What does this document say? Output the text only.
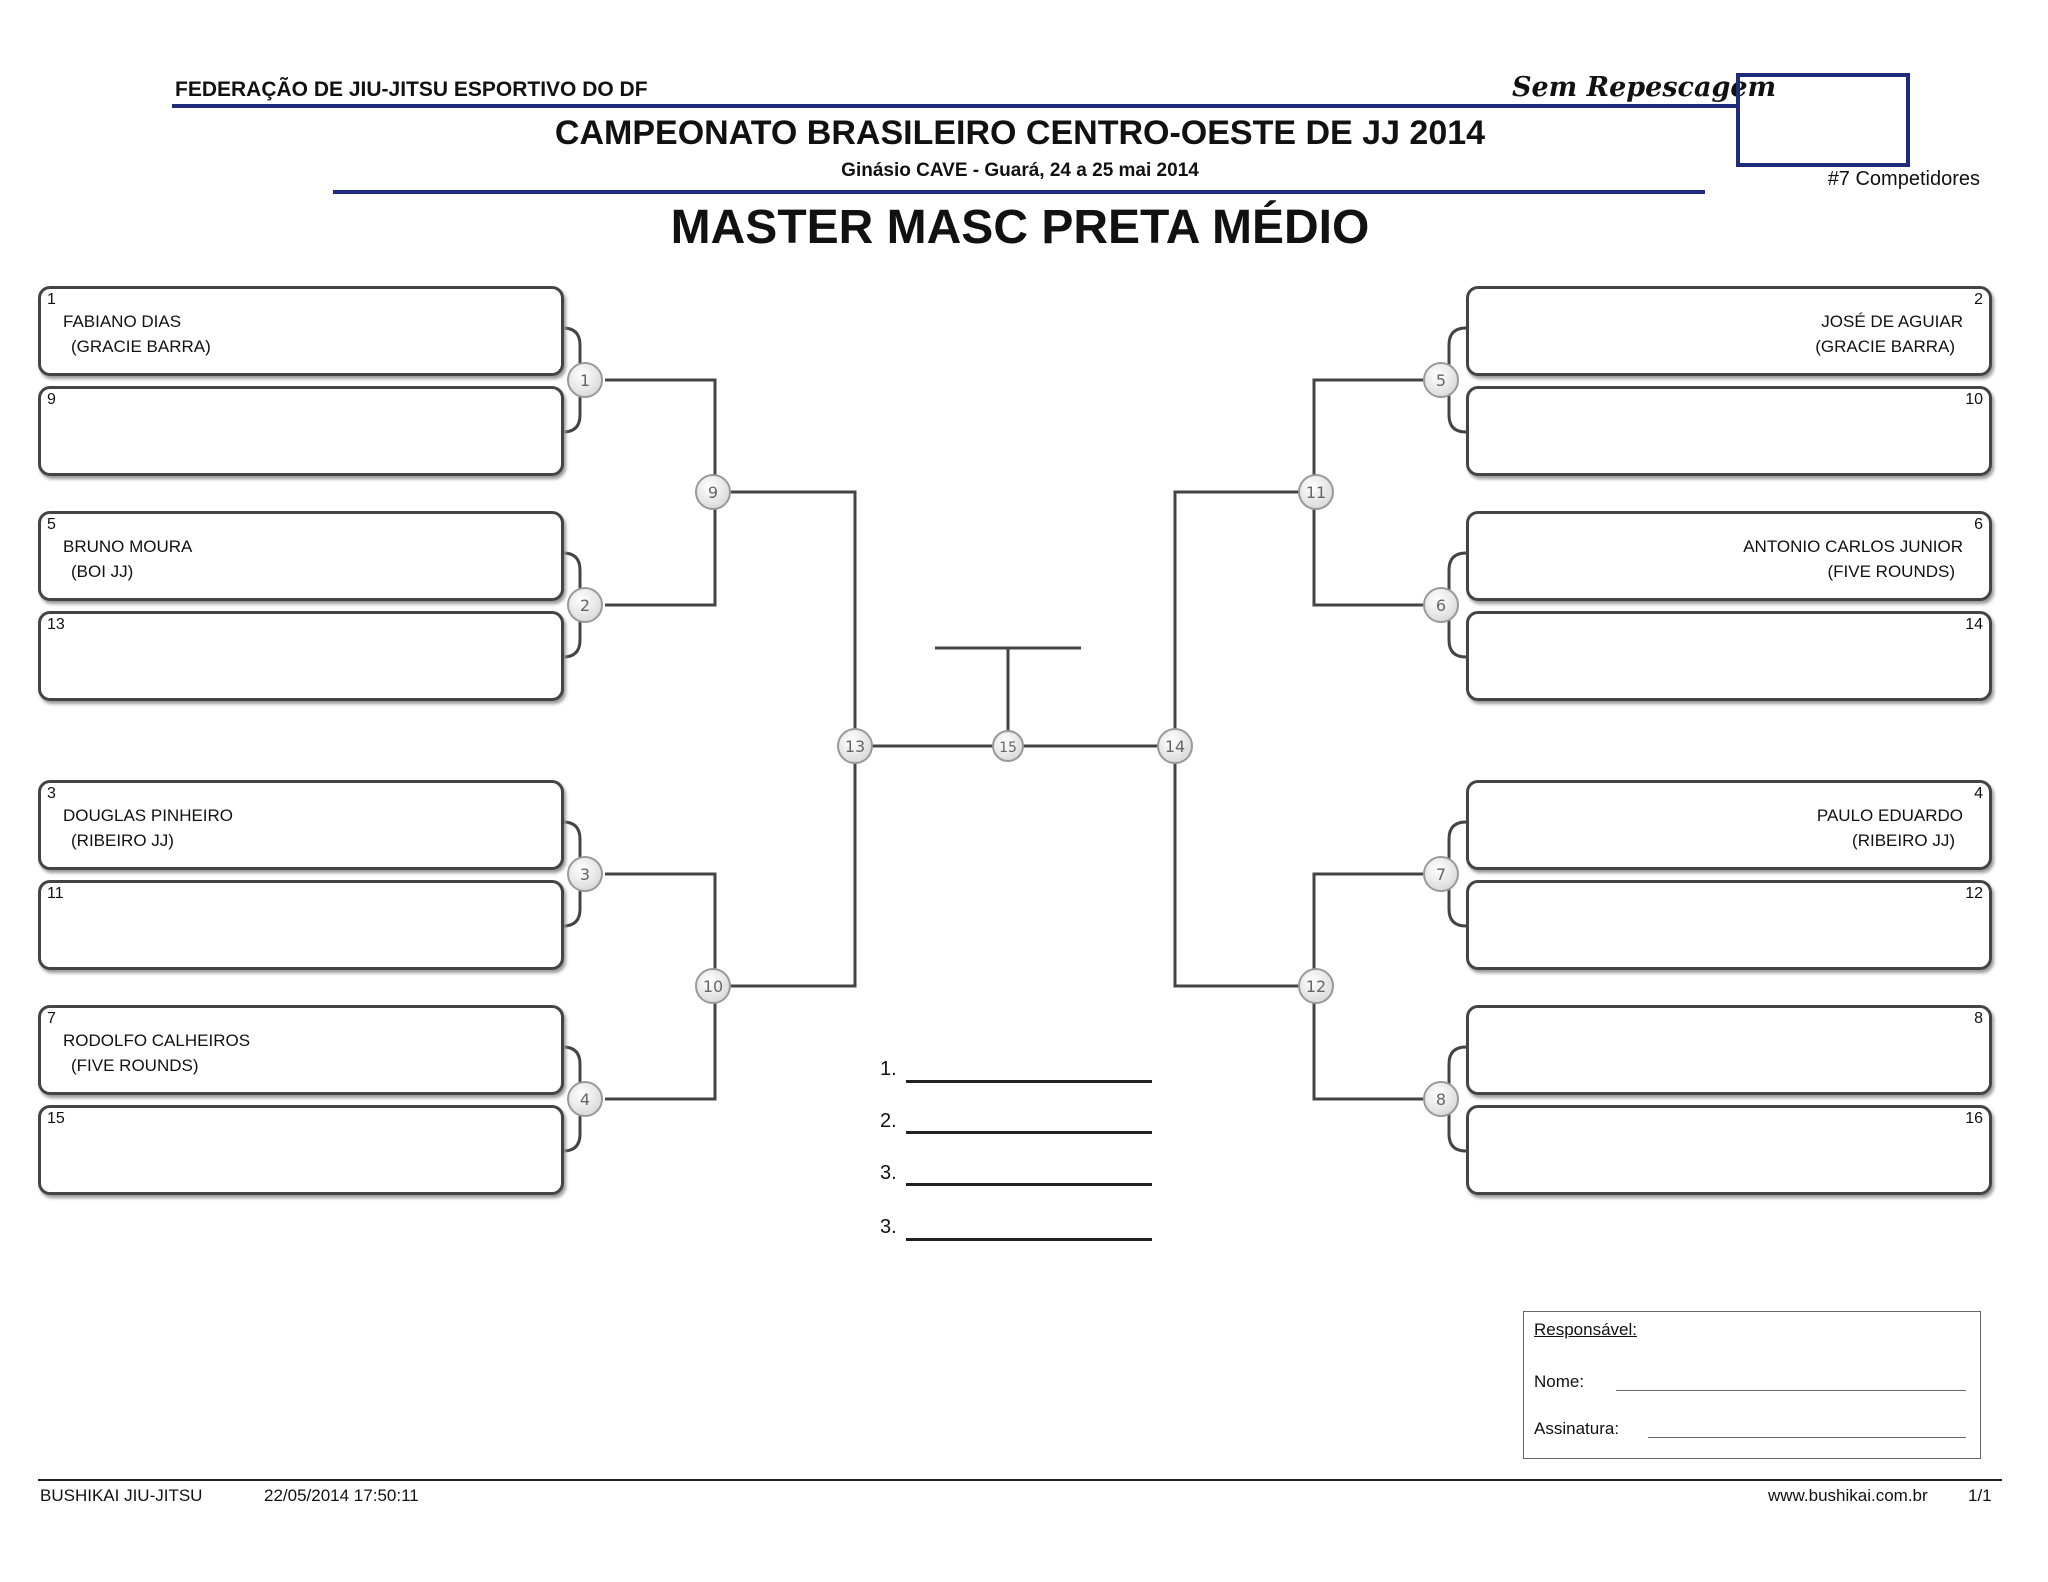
FEDERAÇÃO DE JIU-JITSU ESPORTIVO DO DF	Sem Repescagem
CAMPEONATO BRASILEIRO CENTRO-OESTE DE JJ 2014
Ginásio CAVE - Guará, 24 a 25 mai 2014	#7 Competidores
MASTER MASC PRETA MÉDIO
1
FABIANO DIAS
(GRACIE BARRA)
9
5
BRUNO MOURA
(BOI JJ)
13
3
DOUGLAS PINHEIRO
(RIBEIRO JJ)
11
7
RODOLFO CALHEIROS
(FIVE ROUNDS)
15
2
JOSÉ DE AGUIAR
(GRACIE BARRA)
10
6
ANTONIO CARLOS JUNIOR
(FIVE ROUNDS)
14
4
PAULO EDUARDO
(RIBEIRO JJ)
12
8
16
1
2
3
4
5
6
7
8
9
10
11
12
13	14
15
1.
2.
3.
3.
Responsável:
Nome:
Assinatura:
BUSHIKAI JIU-JITSU	22/05/2014 17:50:11	www.bushikai.com.br 1/1
